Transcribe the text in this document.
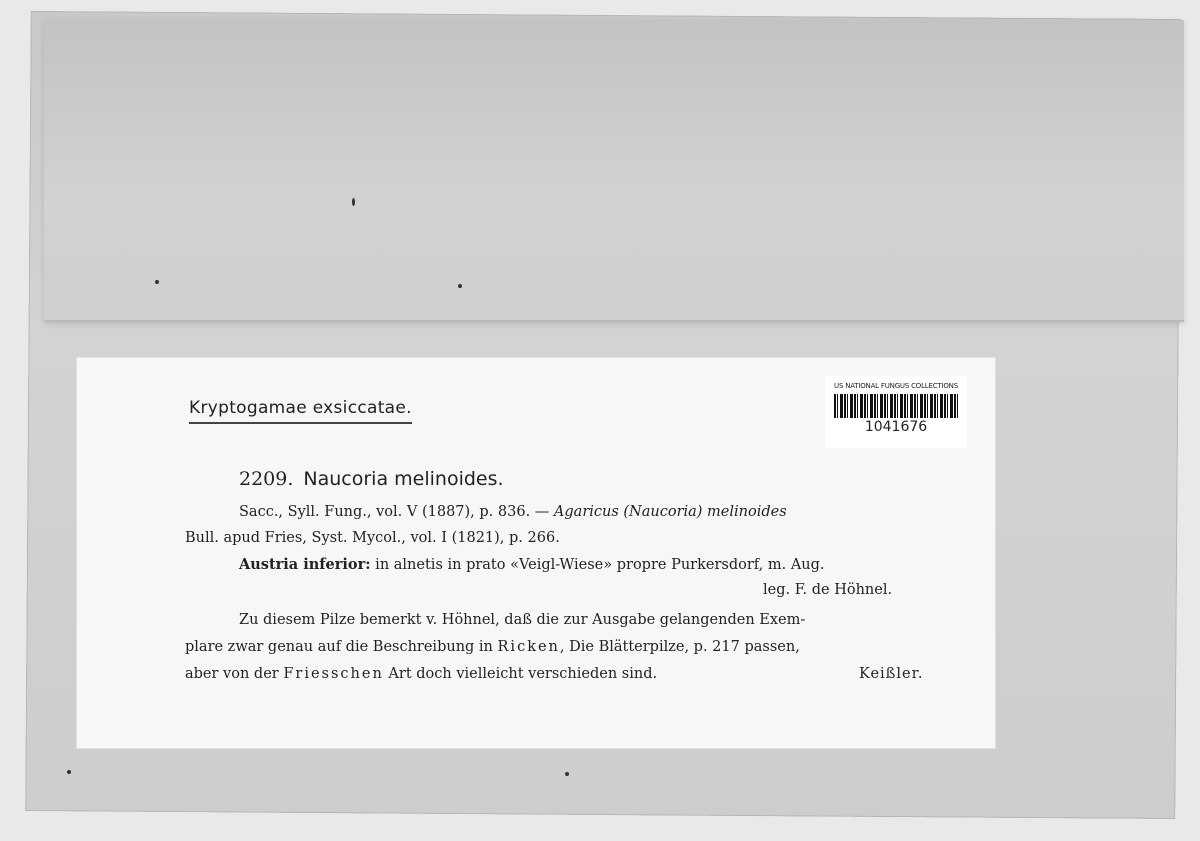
Kryptogamae exsiccatae.
US NATIONAL FUNGUS COLLECTIONS
1041676
2209. Naucoria melinoides.
Sacc., Syll. Fung., vol. V (1887), p. 836. — Agaricus (Naucoria) melinoides
Bull. apud Fries, Syst. Mycol., vol. I (1821), p. 266.
Austria inferior: in alnetis in prato «Veigl-Wiese» propre Purkersdorf, m. Aug.
leg. F. de Höhnel.
Zu diesem Pilze bemerkt v. Höhnel, daß die zur Ausgabe gelangenden Exem-
plare zwar genau auf die Beschreibung in Ricken, Die Blätterpilze, p. 217 passen,
aber von der Friesschen Art doch vielleicht verschieden sind.	Keißler.
